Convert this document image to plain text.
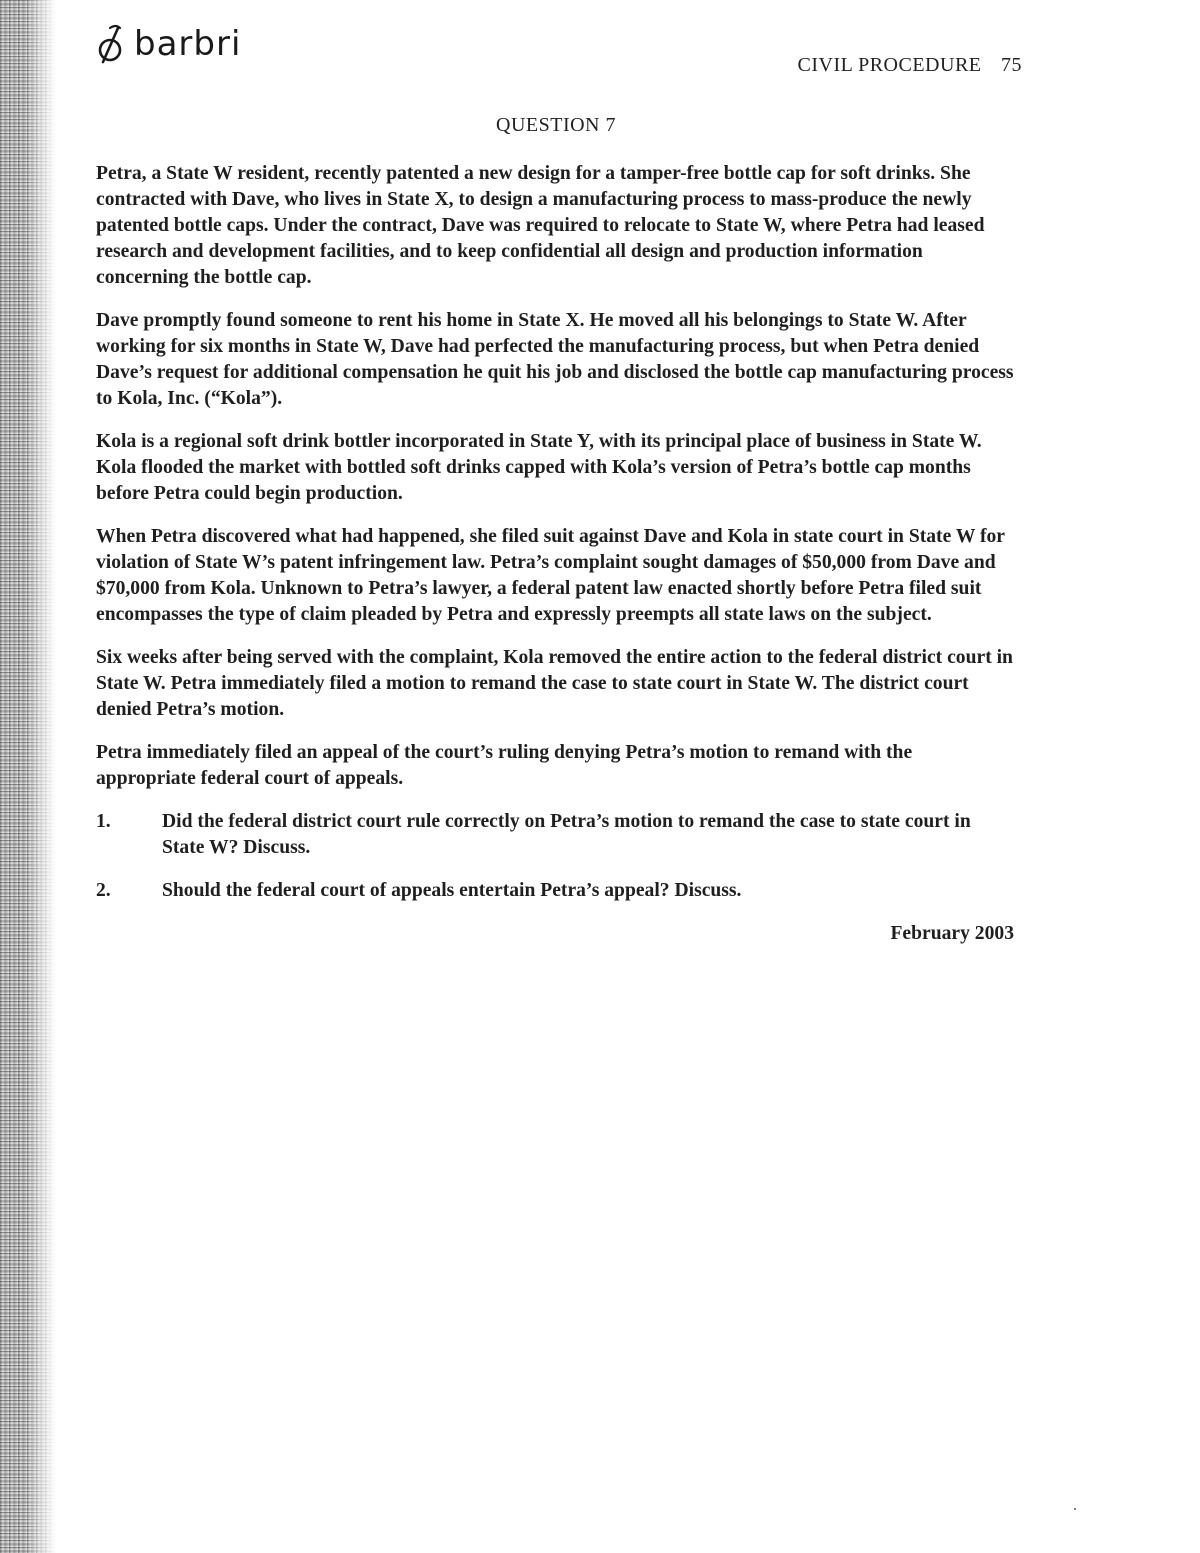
barbri
CIVIL PROCEDURE 75
QUESTION 7

Petra, a State W resident, recently patented a new design for a tamper-free bottle cap for soft drinks. She contracted with Dave, who lives in State X, to design a manufacturing process to mass-produce the newly patented bottle caps. Under the contract, Dave was required to relocate to State W, where Petra had leased research and development facilities, and to keep confidential all design and production information concerning the bottle cap.

Dave promptly found someone to rent his home in State X. He moved all his belongings to State W. After working for six months in State W, Dave had perfected the manufacturing process, but when Petra denied Dave’s request for additional compensation he quit his job and disclosed the bottle cap manufacturing process to Kola, Inc. (“Kola”).

Kola is a regional soft drink bottler incorporated in State Y, with its principal place of business in State W. Kola flooded the market with bottled soft drinks capped with Kola’s version of Petra’s bottle cap months before Petra could begin production.

When Petra discovered what had happened, she filed suit against Dave and Kola in state court in State W for violation of State W’s patent infringement law. Petra’s complaint sought damages of $50,000 from Dave and $70,000 from Kola. Unknown to Petra’s lawyer, a federal patent law enacted shortly before Petra filed suit encompasses the type of claim pleaded by Petra and expressly preempts all state laws on the subject.

Six weeks after being served with the complaint, Kola removed the entire action to the federal district court in State W. Petra immediately filed a motion to remand the case to state court in State W. The district court denied Petra’s motion.

Petra immediately filed an appeal of the court’s ruling denying Petra’s motion to remand with the appropriate federal court of appeals.

1.	Did the federal district court rule correctly on Petra’s motion to remand the case to state court in State W? Discuss.
2.	Should the federal court of appeals entertain Petra’s appeal? Discuss.
February 2003
